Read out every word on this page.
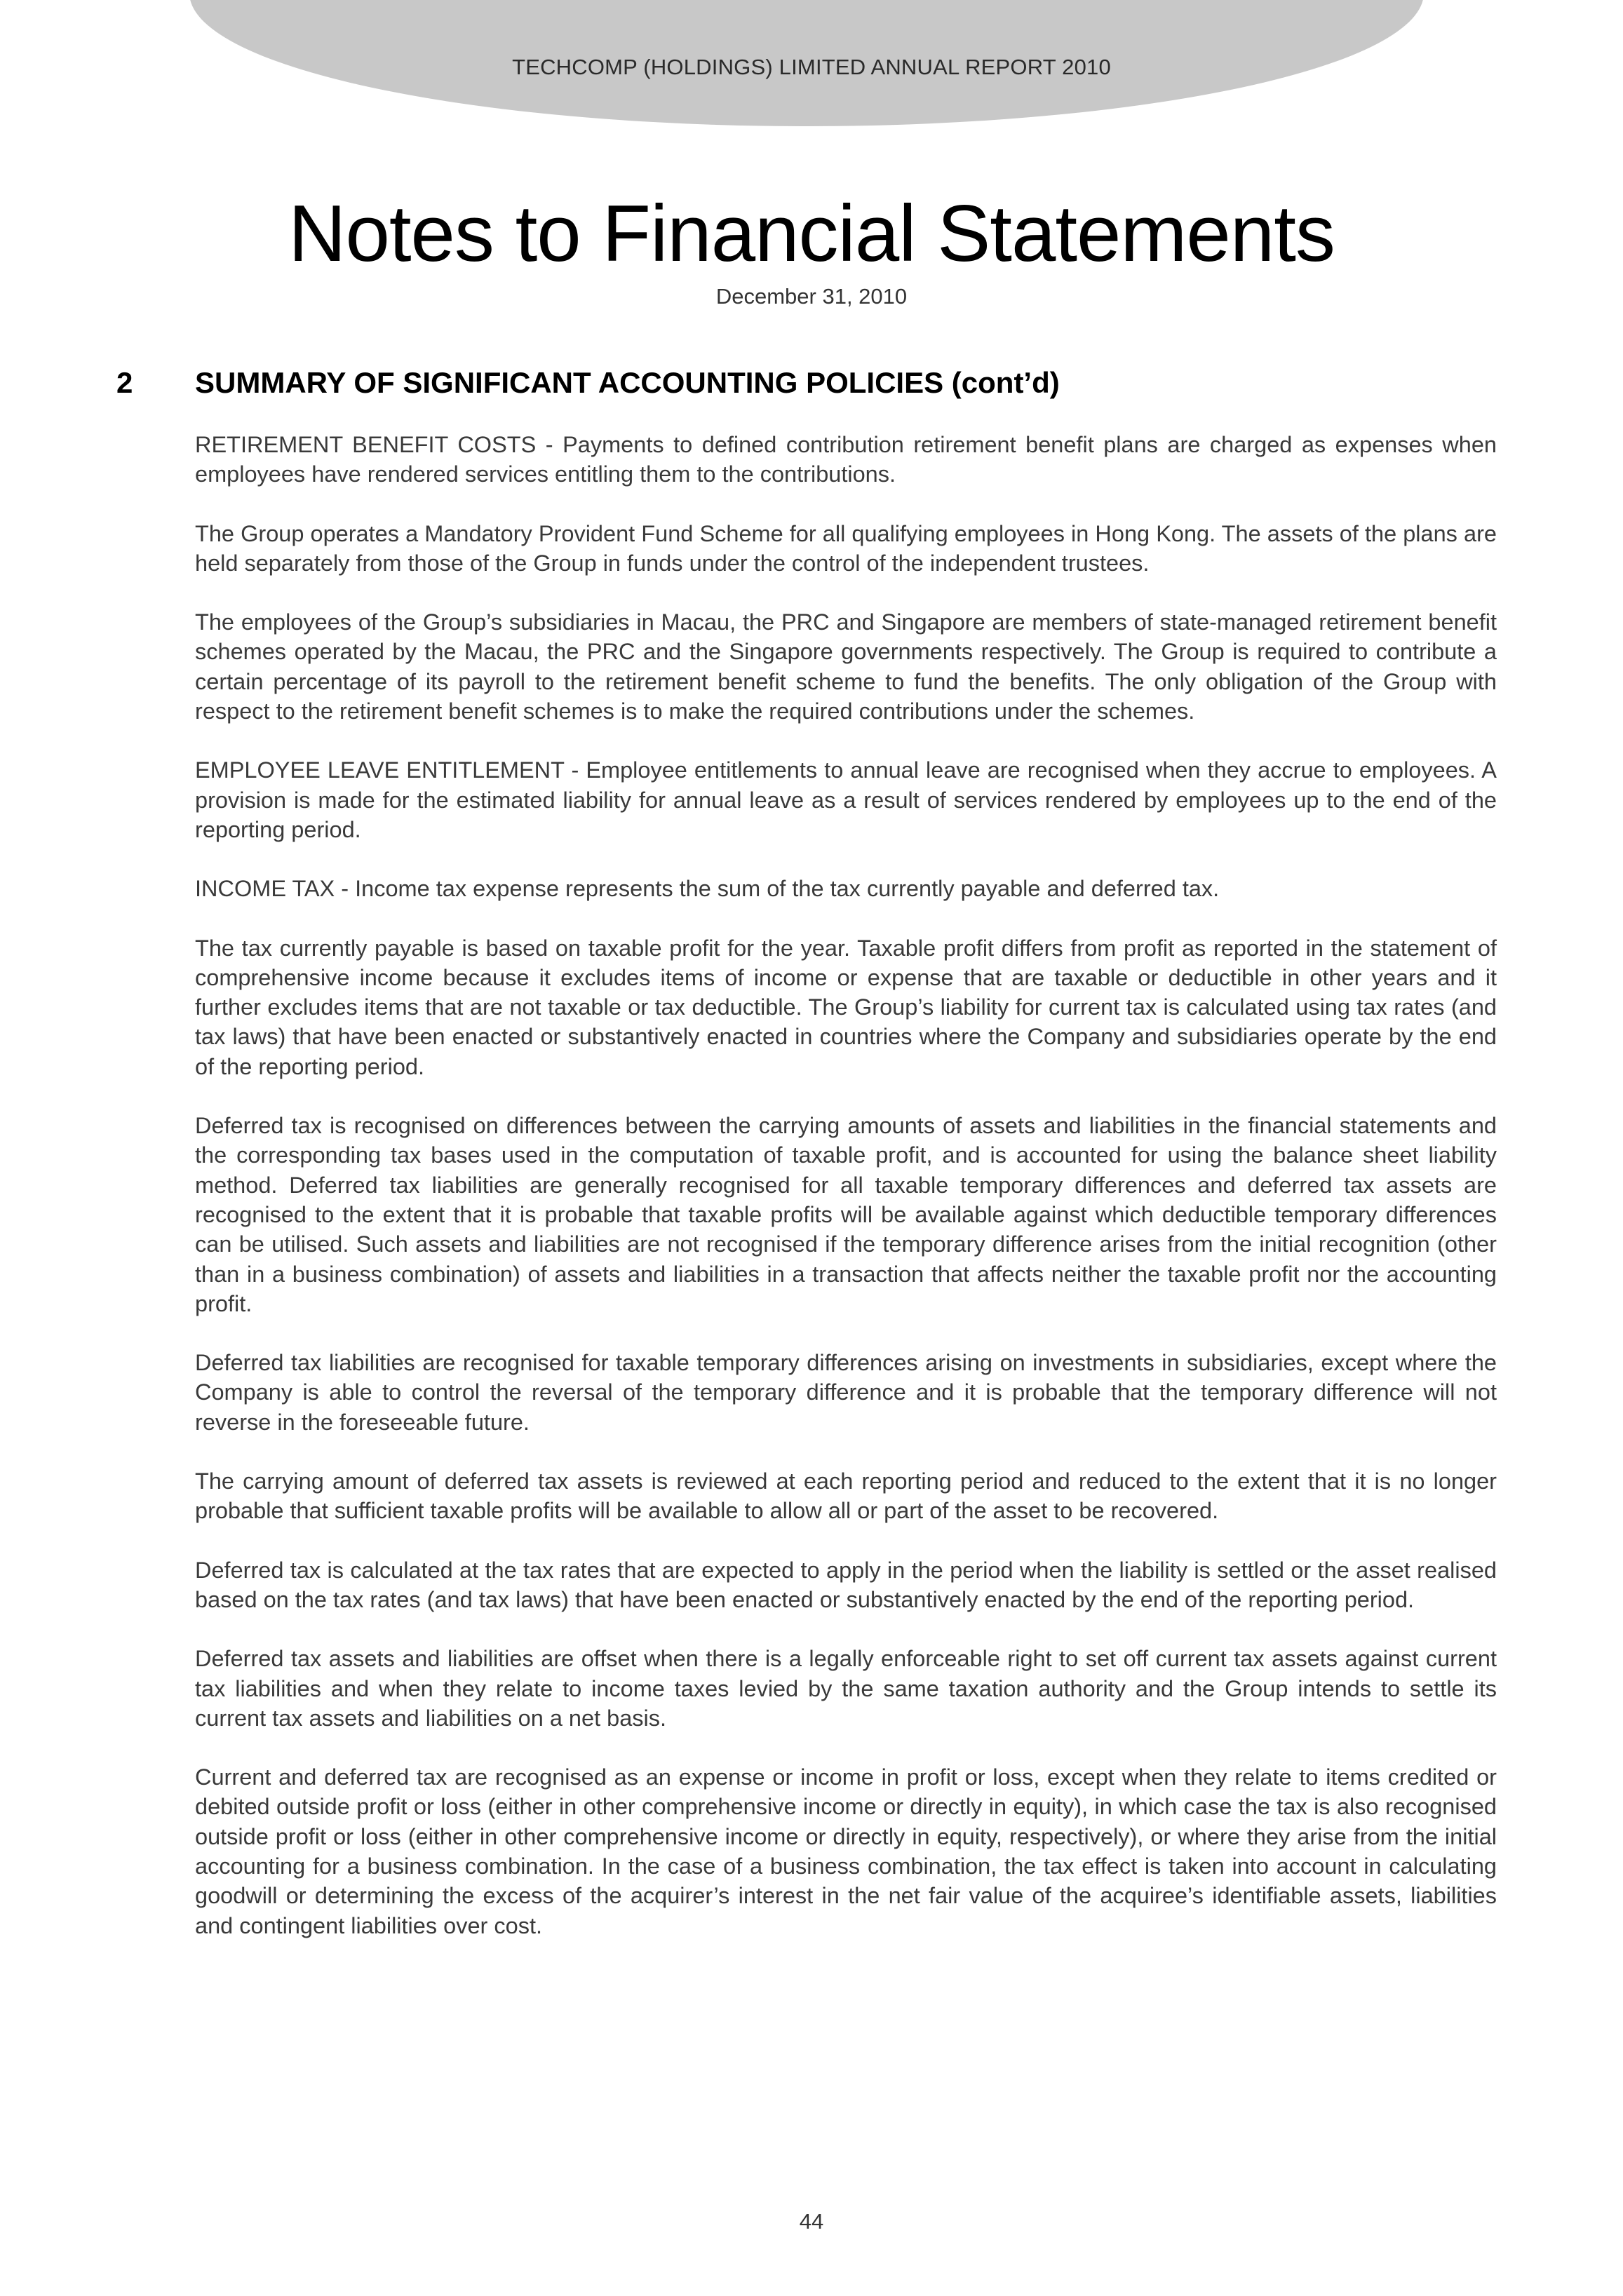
TECHCOMP (HOLDINGS) LIMITED ANNUAL REPORT 2010
Notes to Financial Statements
December 31, 2010
2 SUMMARY OF SIGNIFICANT ACCOUNTING POLICIES (cont’d)

RETIREMENT BENEFIT COSTS - Payments to defined contribution retirement benefit plans are charged as expenses when employees have rendered services entitling them to the contributions.

The Group operates a Mandatory Provident Fund Scheme for all qualifying employees in Hong Kong. The assets of the plans are held separately from those of the Group in funds under the control of the independent trustees.

The employees of the Group’s subsidiaries in Macau, the PRC and Singapore are members of state-managed retirement benefit schemes operated by the Macau, the PRC and the Singapore governments respectively. The Group is required to contribute a certain percentage of its payroll to the retirement benefit scheme to fund the benefits. The only obligation of the Group with respect to the retirement benefit schemes is to make the required contributions under the schemes.

EMPLOYEE LEAVE ENTITLEMENT - Employee entitlements to annual leave are recognised when they accrue to employees. A provision is made for the estimated liability for annual leave as a result of services rendered by employees up to the end of the reporting period.

INCOME TAX - Income tax expense represents the sum of the tax currently payable and deferred tax.

The tax currently payable is based on taxable profit for the year. Taxable profit differs from profit as reported in the statement of comprehensive income because it excludes items of income or expense that are taxable or deductible in other years and it further excludes items that are not taxable or tax deductible. The Group’s liability for current tax is calculated using tax rates (and tax laws) that have been enacted or substantively enacted in countries where the Company and subsidiaries operate by the end of the reporting period.

Deferred tax is recognised on differences between the carrying amounts of assets and liabilities in the financial statements and the corresponding tax bases used in the computation of taxable profit, and is accounted for using the balance sheet liability method. Deferred tax liabilities are generally recognised for all taxable temporary differences and deferred tax assets are recognised to the extent that it is probable that taxable profits will be available against which deductible temporary differences can be utilised. Such assets and liabilities are not recognised if the temporary difference arises from the initial recognition (other than in a business combination) of assets and liabilities in a transaction that affects neither the taxable profit nor the accounting profit.

Deferred tax liabilities are recognised for taxable temporary differences arising on investments in subsidiaries, except where the Company is able to control the reversal of the temporary difference and it is probable that the temporary difference will not reverse in the foreseeable future.

The carrying amount of deferred tax assets is reviewed at each reporting period and reduced to the extent that it is no longer probable that sufficient taxable profits will be available to allow all or part of the asset to be recovered.

Deferred tax is calculated at the tax rates that are expected to apply in the period when the liability is settled or the asset realised based on the tax rates (and tax laws) that have been enacted or substantively enacted by the end of the reporting period.

Deferred tax assets and liabilities are offset when there is a legally enforceable right to set off current tax assets against current tax liabilities and when they relate to income taxes levied by the same taxation authority and the Group intends to settle its current tax assets and liabilities on a net basis.

Current and deferred tax are recognised as an expense or income in profit or loss, except when they relate to items credited or debited outside profit or loss (either in other comprehensive income or directly in equity), in which case the tax is also recognised outside profit or loss (either in other comprehensive income or directly in equity, respectively), or where they arise from the initial accounting for a business combination. In the case of a business combination, the tax effect is taken into account in calculating goodwill or determining the excess of the acquirer’s interest in the net fair value of the acquiree’s identifiable assets, liabilities and contingent liabilities over cost.

44
